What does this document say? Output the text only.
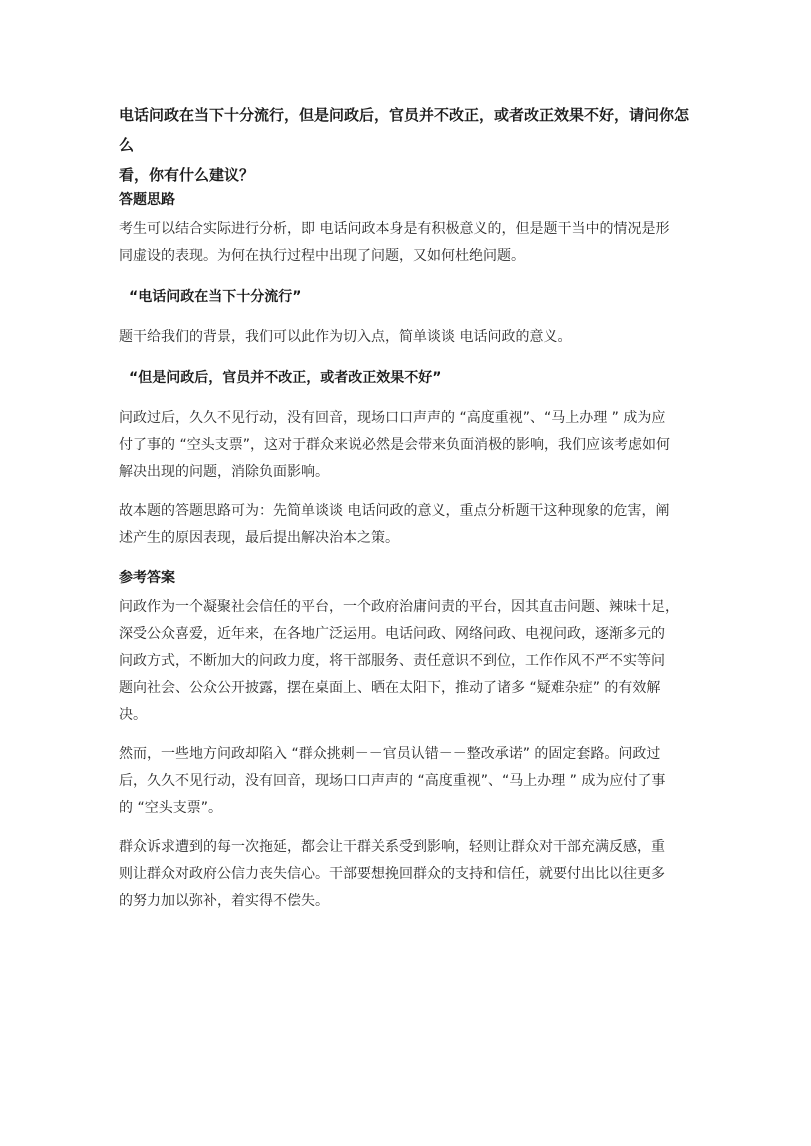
电话问政在当下十分流行，但是问政后，官员并不改正，或者改正效果不好，请问你怎么

看，你有什么建议？

答题思路

考生可以结合实际进行分析，即 电话问政本身是有积极意义的，但是题干当中的情况是形

同虚设的表现。为何在执行过程中出现了问题，又如何杜绝问题。

“电话问政在当下十分流行”

题干给我们的背景，我们可以此作为切入点，简单谈谈 电话问政的意义。

“但是问政后，官员并不改正，或者改正效果不好”

问政过后，久久不见行动，没有回音，现场口口声声的 “高度重视”、“马上办理 ” 成为应

付了事的 “空头支票”，这对于群众来说必然是会带来负面消极的影响，我们应该考虑如何

解决出现的问题，消除负面影响。

故本题的答题思路可为：先简单谈谈 电话问政的意义，重点分析题干这种现象的危害，阐

述产生的原因表现，最后提出解决治本之策。

参考答案

问政作为一个凝聚社会信任的平台，一个政府治庸问责的平台，因其直击问题、辣味十足，

深受公众喜爱，近年来，在各地广泛运用。电话问政、网络问政、电视问政，逐渐多元的

问政方式，不断加大的问政力度，将干部服务、责任意识不到位，工作作风不严不实等问

题向社会、公众公开披露，摆在桌面上、晒在太阳下，推动了诸多 “疑难杂症” 的有效解

决。

然而，一些地方问政却陷入 “群众挑刺－－官员认错－－整改承诺” 的固定套路。问政过

后，久久不见行动，没有回音，现场口口声声的 “高度重视”、“马上办理 ” 成为应付了事

的 “空头支票”。

群众诉求遭到的每一次拖延，都会让干群关系受到影响，轻则让群众对干部充满反感，重

则让群众对政府公信力丧失信心。干部要想挽回群众的支持和信任，就要付出比以往更多

的努力加以弥补，着实得不偿失。
